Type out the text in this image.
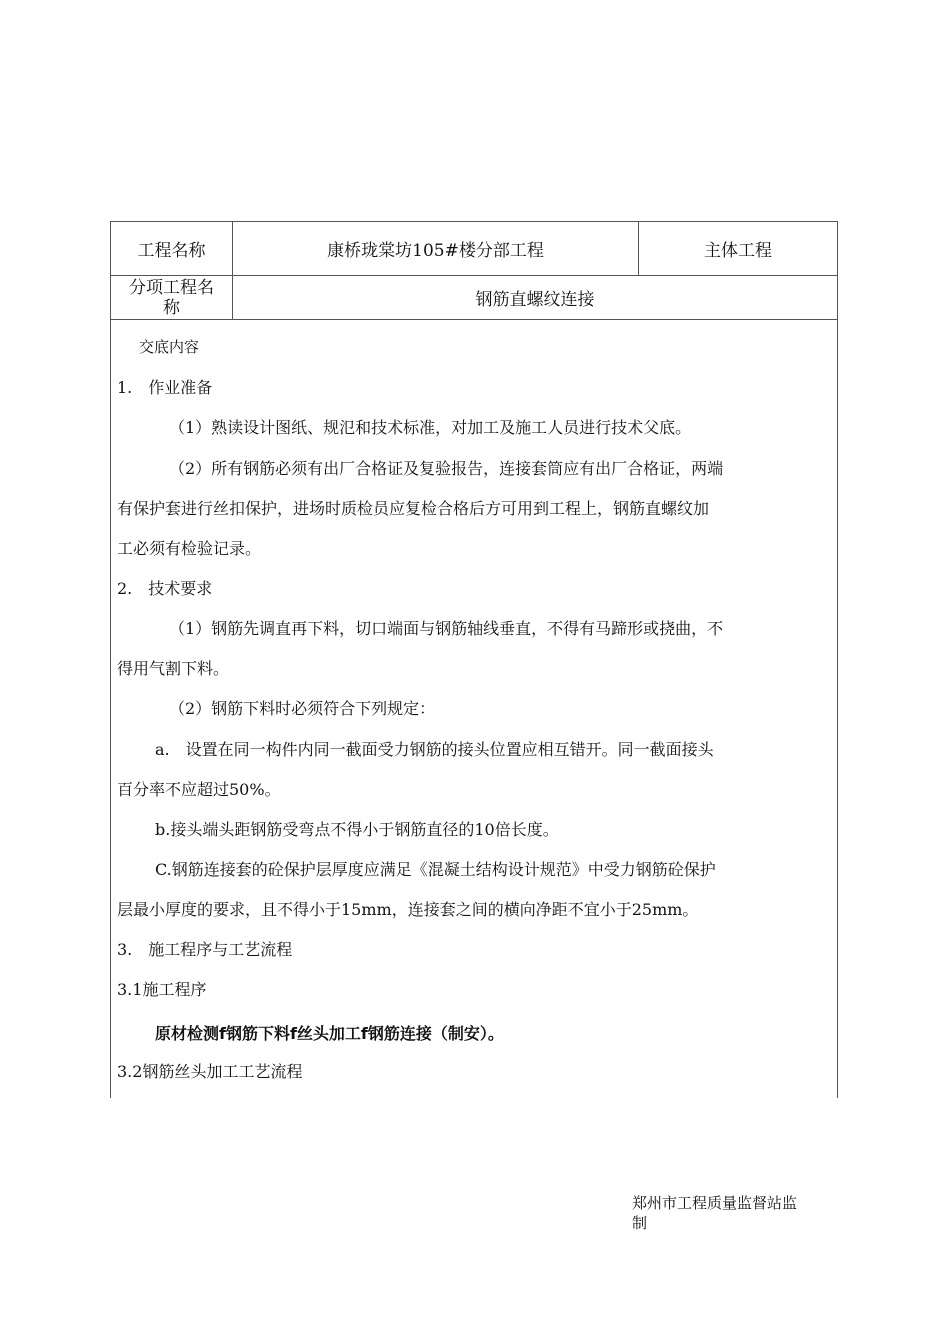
工程名称	康桥珑棠坊105#楼分部工程	主体工程
分项工程名
称	钢筋直螺纹连接
交底内容
1.　作业准备
（1）熟读设计图纸、规氾和技术标准，对加工及施工人员进行技术父底。
（2）所有钢筋必须有出厂合格证及复验报告，连接套筒应有出厂合格证，两端
有保护套进行丝扣保护，进场时质检员应复检合格后方可用到工程上，钢筋直螺纹加
工必须有检验记录。
2.　技术要求
（1）钢筋先调直再下料，切口端面与钢筋轴线垂直，不得有马蹄形或挠曲，不
得用气割下料。
（2）钢筋下料时必须符合下列规定：
a.　设置在同一构件内同一截面受力钢筋的接头位置应相互错开。同一截面接头
百分率不应超过50%。
b.接头端头距钢筋受弯点不得小于钢筋直径的10倍长度。
C.钢筋连接套的砼保护层厚度应满足《混凝土结构设计规范》中受力钢筋砼保护
层最小厚度的要求，且不得小于15mm，连接套之间的横向净距不宜小于25mm。
3.　施工程序与工艺流程
3.1施工程序
原材检测f钢筋下料f丝头加工f钢筋连接（制安）。
3.2钢筋丝头加工工艺流程
郑州市工程质量监督站监
制
